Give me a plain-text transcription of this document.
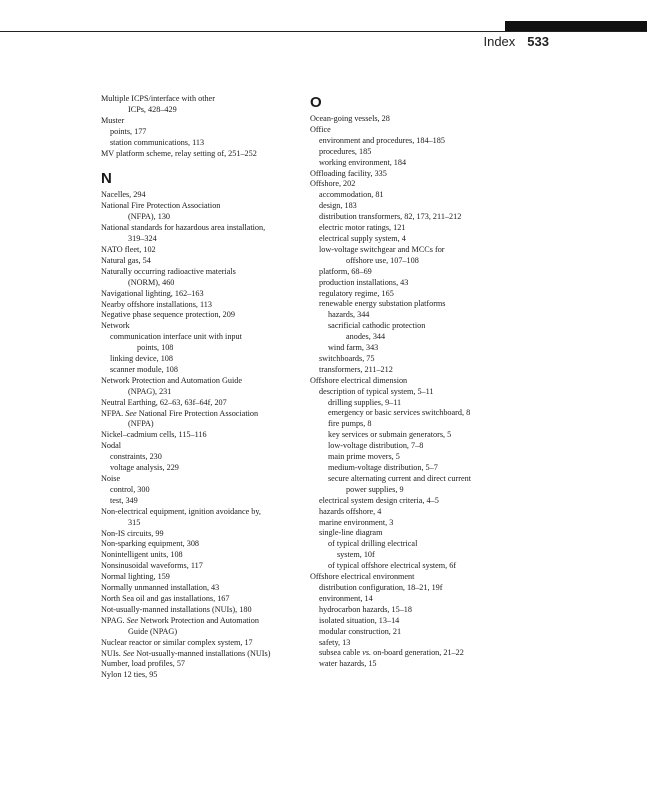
Index 533
Multiple ICPS/interface with other
ICPs, 428–429
Muster
points, 177
station communications, 113
MV platform scheme, relay setting of, 251–252
N
Nacelles, 294
National Fire Protection Association
(NFPA), 130
National standards for hazardous area installation,
319–324
NATO fleet, 102
Natural gas, 54
Naturally occurring radioactive materials
(NORM), 460
Navigational lighting, 162–163
Nearby offshore installations, 113
Negative phase sequence protection, 209
Network
communication interface unit with input
points, 108
linking device, 108
scanner module, 108
Network Protection and Automation Guide
(NPAG), 231
Neutral Earthing, 62–63, 63f–64f, 207
NFPA. See National Fire Protection Association
(NFPA)
Nickel–cadmium cells, 115–116
Nodal
constraints, 230
voltage analysis, 229
Noise
control, 300
test, 349
Non-electrical equipment, ignition avoidance by,
315
Non-IS circuits, 99
Non-sparking equipment, 308
Nonintelligent units, 108
Nonsinusoidal waveforms, 117
Normal lighting, 159
Normally unmanned installation, 43
North Sea oil and gas installations, 167
Not-usually-manned installations (NUIs), 180
NPAG. See Network Protection and Automation
Guide (NPAG)
Nuclear reactor or similar complex system, 17
NUIs. See Not-usually-manned installations (NUIs)
Number, load profiles, 57
Nylon 12 ties, 95
O
Ocean-going vessels, 28
Office
environment and procedures, 184–185
procedures, 185
working environment, 184
Offloading facility, 335
Offshore, 202
accommodation, 81
design, 183
distribution transformers, 82, 173, 211–212
electric motor ratings, 121
electrical supply system, 4
low-voltage switchgear and MCCs for
offshore use, 107–108
platform, 68–69
production installations, 43
regulatory regime, 165
renewable energy substation platforms
hazards, 344
sacrificial cathodic protection
anodes, 344
wind farm, 343
switchboards, 75
transformers, 211–212
Offshore electrical dimension
description of typical system, 5–11
drilling supplies, 9–11
emergency or basic services switchboard, 8
fire pumps, 8
key services or submain generators, 5
low-voltage distribution, 7–8
main prime movers, 5
medium-voltage distribution, 5–7
secure alternating current and direct current
power supplies, 9
electrical system design criteria, 4–5
hazards offshore, 4
marine environment, 3
single-line diagram
of typical drilling electrical
system, 10f
of typical offshore electrical system, 6f
Offshore electrical environment
distribution configuration, 18–21, 19f
environment, 14
hydrocarbon hazards, 15–18
isolated situation, 13–14
modular construction, 21
safety, 13
subsea cable vs. on-board generation, 21–22
water hazards, 15
